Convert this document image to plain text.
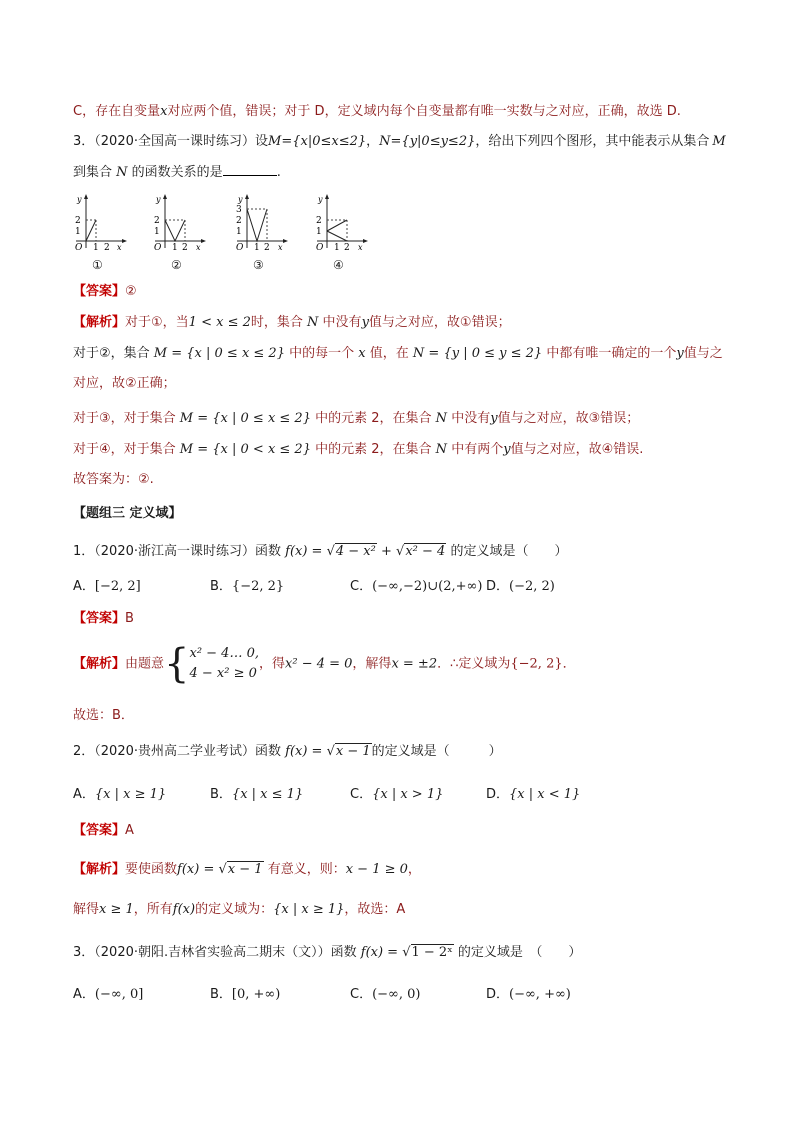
C，存在自变量x对应两个值，错误；对于 D，定义域内每个自变量都有唯一实数与之对应，正确，故选 D.
3．（2020·全国高一课时练习）设M={x|0≤x≤2}，N={y|0≤y≤2}，给出下列四个图形，其中能表示从集合 M
到集合 N 的函数关系的是	.
2
1
y
O 1 2 x
①
2
1
y
O 1 2 x
②
3
2
1
y
O 1 2 x
③
2
1
y
O 1 2 x
④
【答案】②
【解析】对于①，当1 < x ≤ 2时，集合 N 中没有y值与之对应，故①错误；
对于②，集合 M = {x | 0 ≤ x ≤ 2} 中的每一个 x 值，在 N = {y | 0 ≤ y ≤ 2} 中都有唯一确定的一个y值与之
对应，故②正确；
对于③，对于集合 M = {x | 0 ≤ x ≤ 2} 中的元素 2，在集合 N 中没有y值与之对应，故③错误；
对于④，对于集合 M = {x | 0 < x ≤ 2} 中的元素 2，在集合 N 中有两个y值与之对应，故④错误.
故答案为：②.
【题组三 定义域】
1．（2020·浙江高一课时练习）函数 f(x) = √4 − x² + √x² − 4 的定义域是（　　）
A．[−2, 2]	B．{−2, 2}	C．(−∞,−2)∪(2,+∞) D．(−2, 2)
【答案】B
【解析】由题意{x² − 4… 0,
4 − x² ≥ 0，得x² − 4 = 0，解得x = ±2．∴定义域为{−2, 2}．
故选：B．
2．（2020·贵州高二学业考试）函数 f(x) = √x − 1的定义域是（　　　）
A．{x | x ≥ 1}	B．{x | x ≤ 1}	C．{x | x > 1}	D．{x | x < 1}
【答案】A
【解析】要使函数f(x) = √x − 1 有意义，则：x − 1 ≥ 0，
解得x ≥ 1，所有f(x)的定义域为：{x | x ≥ 1}，故选：A
3．（2020·朝阳.吉林省实验高二期末（文））函数 f(x) = √1 − 2ˣ 的定义域是　（　　）
A．(−∞, 0]	B．[0, +∞)	C．(−∞, 0)	D．(−∞, +∞)
